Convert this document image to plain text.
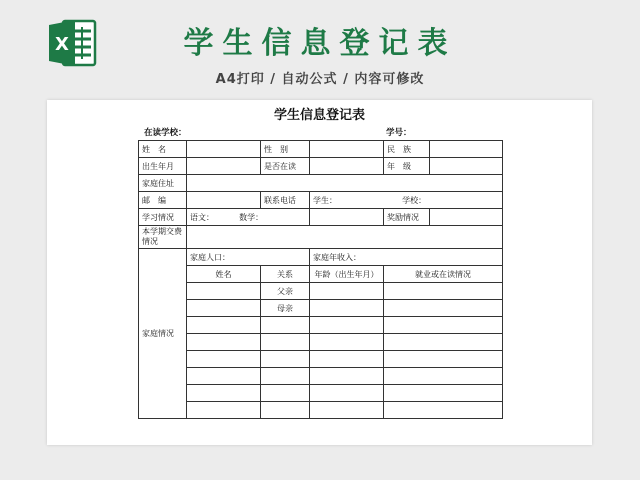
X	学生信息登记表
A4打印 / 自动公式 / 内容可修改
学生信息登记表
在读学校：	学号：
姓　名		性　别		民　族	
出生年月		是否在读		年　级	
家庭住址					
邮　编		联系电话	学生： 学校：		
学习情况	语文： 数学：			奖励情况	
本学期交费情况					
家庭情况	家庭人口：		家庭年收入：		
	姓名	关系	年龄（出生年月）	就业或在读情况	
		父亲			
		母亲			
